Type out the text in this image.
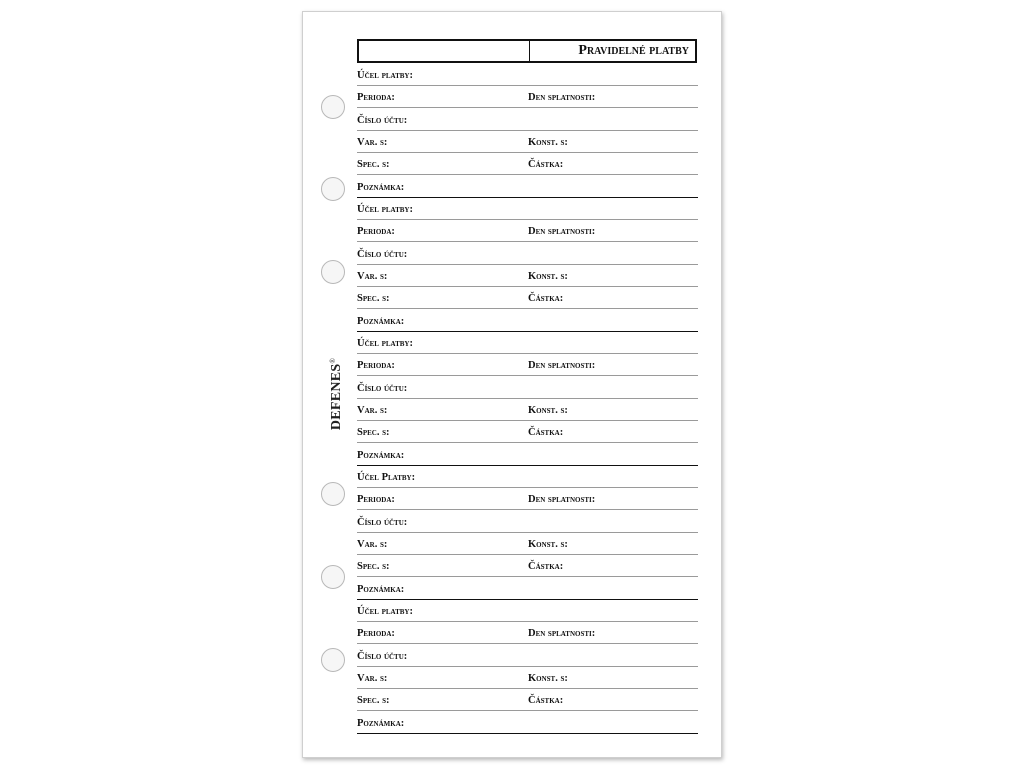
DEFENES®
Pravidelné platby
Účel platby:
Perioda:	Den splatnosti:
Číslo účtu:
Var. s:	Konst. s:
Spec. s:	Částka:
Poznámka:
Účel platby:
Perioda:	Den splatnosti:
Číslo účtu:
Var. s:	Konst. s:
Spec. s:	Částka:
Poznámka:
Účel platby:
Perioda:	Den splatnosti:
Číslo účtu:
Var. s:	Konst. s:
Spec. s:	Částka:
Poznámka:
Účel Platby:
Perioda:	Den splatnosti:
Číslo účtu:
Var. s:	Konst. s:
Spec. s:	Částka:
Poznámka:
Účel platby:
Perioda:	Den splatnosti:
Číslo účtu:
Var. s:	Konst. s:
Spec. s:	Částka:
Poznámka:
